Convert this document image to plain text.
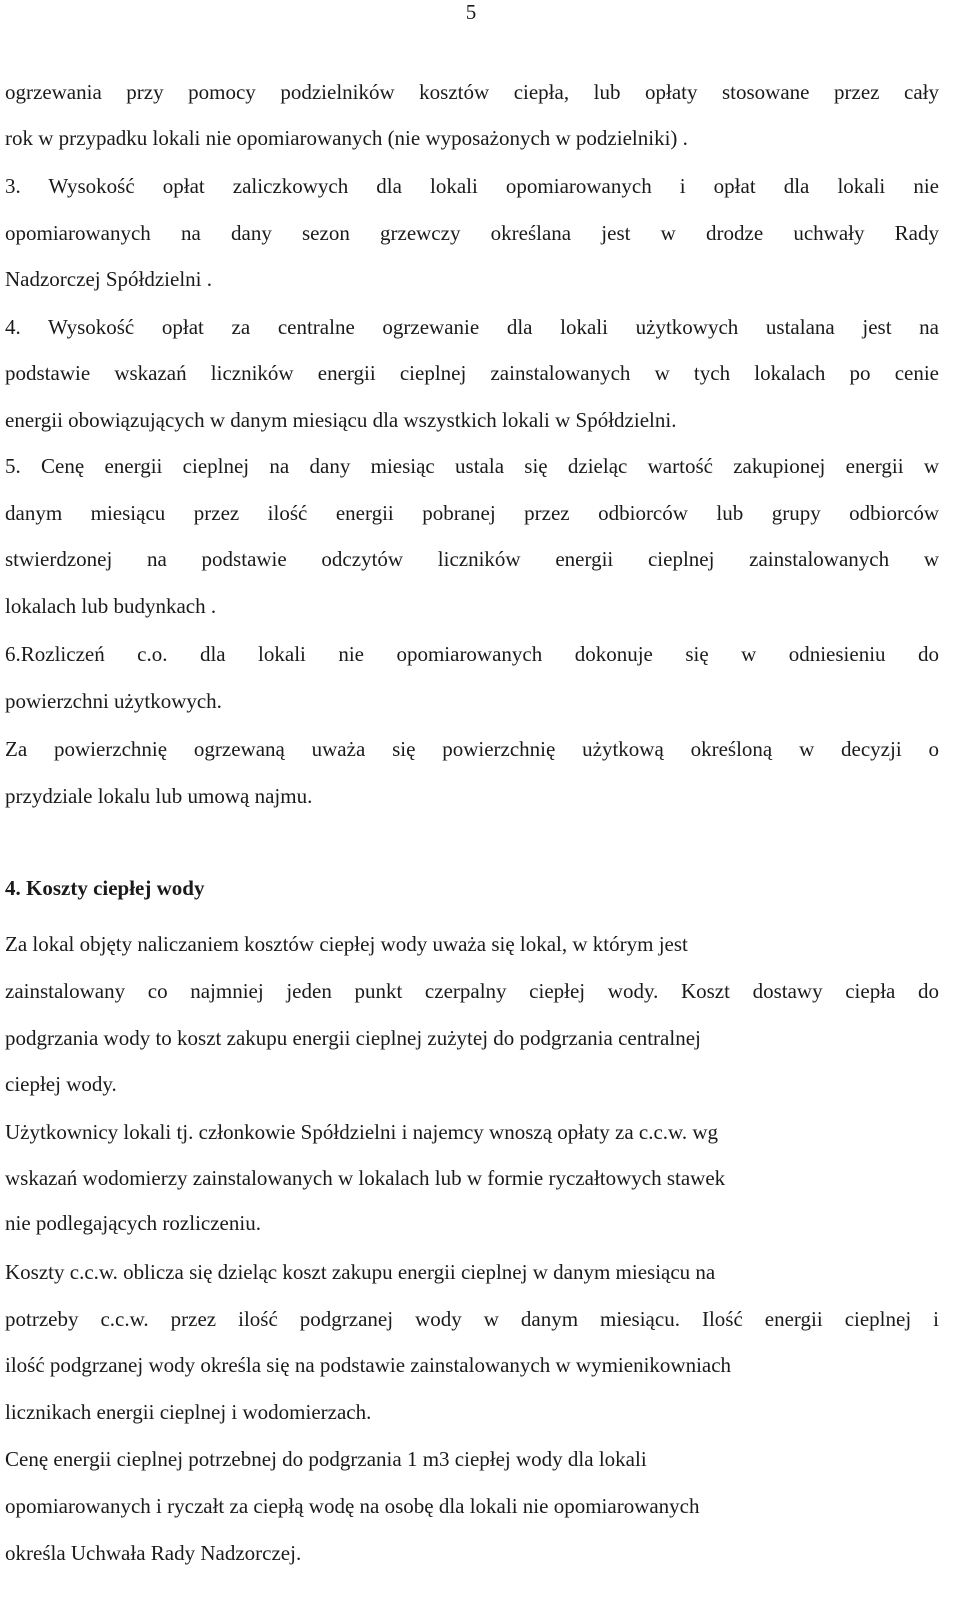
5
ogrzewania przy pomocy podzielników kosztów ciepła, lub opłaty stosowane przez cały
rok w przypadku lokali nie opomiarowanych (nie wyposażonych w podzielniki) .
3. Wysokość opłat zaliczkowych dla lokali opomiarowanych i opłat dla lokali nie
opomiarowanych na dany sezon grzewczy określana jest w drodze uchwały Rady
Nadzorczej Spółdzielni .
4. Wysokość opłat za centralne ogrzewanie dla lokali użytkowych ustalana jest na
podstawie wskazań liczników energii cieplnej zainstalowanych w tych lokalach po cenie
energii obowiązujących w danym miesiącu dla wszystkich lokali w Spółdzielni.
5. Cenę energii cieplnej na dany miesiąc ustala się dzieląc wartość zakupionej energii w
danym miesiącu przez ilość energii pobranej przez odbiorców lub grupy odbiorców
stwierdzonej na podstawie odczytów liczników energii cieplnej zainstalowanych w
lokalach lub budynkach .
6.Rozliczeń c.o. dla lokali nie opomiarowanych dokonuje się w odniesieniu do
powierzchni użytkowych.
Za powierzchnię ogrzewaną uważa się powierzchnię użytkową określoną w decyzji o
przydziale lokalu lub umową najmu.
4. Koszty ciepłej wody
Za lokal objęty naliczaniem kosztów ciepłej wody uważa się lokal, w którym jest
zainstalowany co najmniej jeden punkt czerpalny ciepłej wody. Koszt dostawy ciepła do
podgrzania wody to koszt zakupu energii cieplnej zużytej do podgrzania centralnej
ciepłej wody.
Użytkownicy lokali tj. członkowie Spółdzielni i najemcy wnoszą opłaty za c.c.w. wg
wskazań wodomierzy zainstalowanych w lokalach lub w formie ryczałtowych stawek
nie podlegających rozliczeniu.
Koszty c.c.w. oblicza się dzieląc koszt zakupu energii cieplnej w danym miesiącu na
potrzeby c.c.w. przez ilość podgrzanej wody w danym miesiącu. Ilość energii cieplnej i
ilość podgrzanej wody określa się na podstawie zainstalowanych w wymienikowniach
licznikach energii cieplnej i wodomierzach.
Cenę energii cieplnej potrzebnej do podgrzania 1 m3 ciepłej wody dla lokali
opomiarowanych i ryczałt za ciepłą wodę na osobę dla lokali nie opomiarowanych
określa Uchwała Rady Nadzorczej.
